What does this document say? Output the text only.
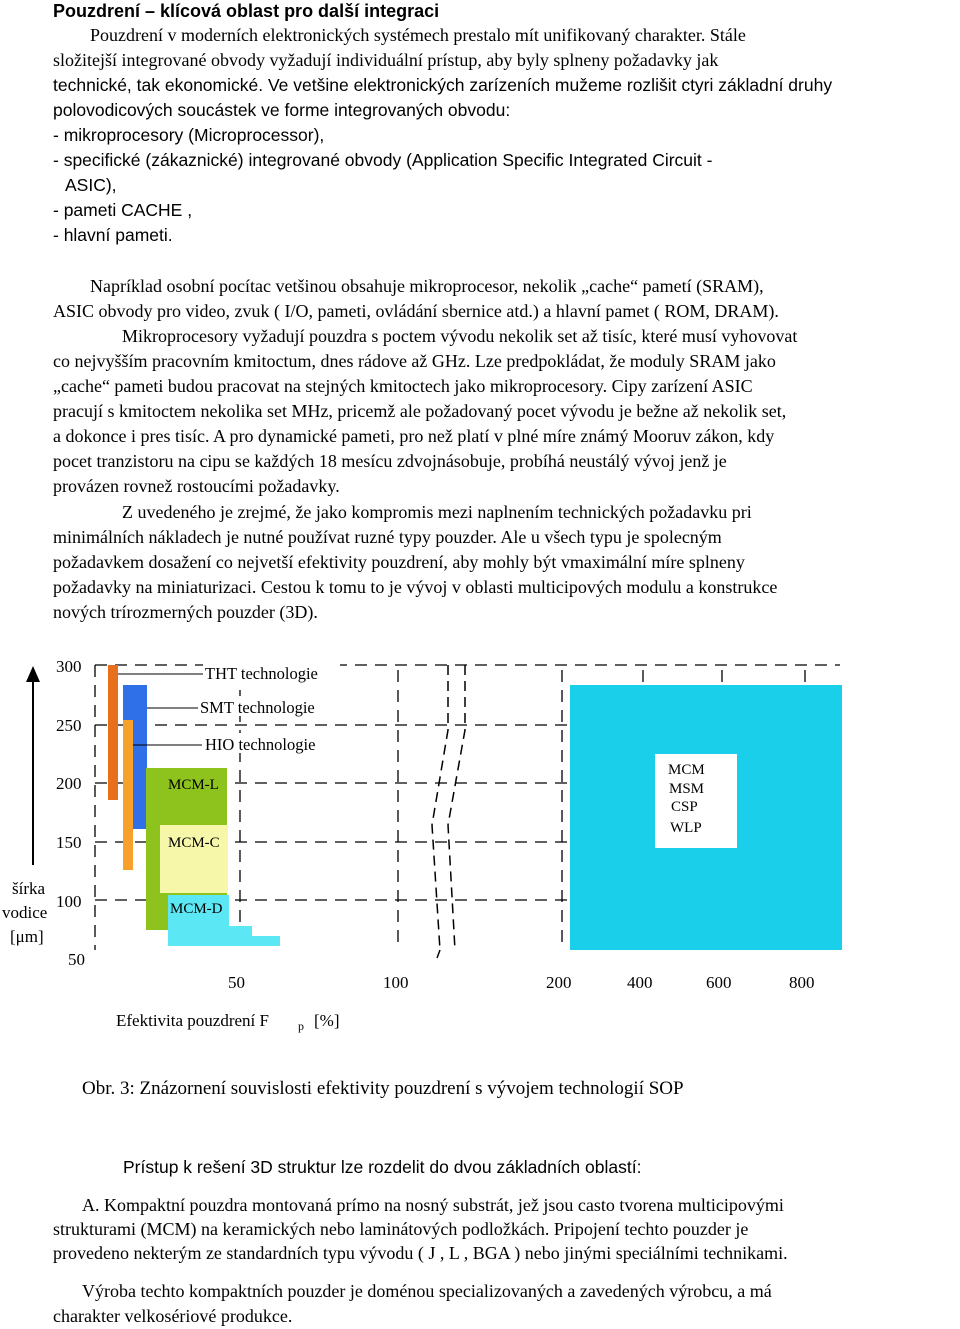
Pouzdrení – klícová oblast pro další integraci

Pouzdrení v moderních elektronických systémech prestalo mít unifikovaný charakter. Stále
složitejší integrované obvody vyžadují individuální prístup, aby byly splneny požadavky jak
technické, tak ekonomické. Ve vetšine elektronických zarízeních mužeme rozlišit ctyri základní druhy
polovodicových soucástek ve forme integrovaných obvodu:
- mikroprocesory (Microprocessor),
- specifické (zákaznické) integrované obvody (Application Specific Integrated Circuit -
ASIC),
- pameti CACHE ,
- hlavní pameti.
Napríklad osobní pocítac vetšinou obsahuje mikroprocesor, nekolik „cache“ pametí (SRAM),
ASIC obvody pro video, zvuk ( I/O, pameti, ovládání sbernice atd.) a hlavní pamet ( ROM, DRAM).
Mikroprocesory vyžadují pouzdra s poctem vývodu nekolik set až tisíc, které musí vyhovovat
co nejvyšším pracovním kmitoctum, dnes rádove až GHz. Lze predpokládat, že moduly SRAM jako
„cache“ pameti budou pracovat na stejných kmitoctech jako mikroprocesory. Cipy zarízení ASIC
pracují s kmitoctem nekolika set MHz, pricemž ale požadovaný pocet vývodu je bežne až nekolik set,
a dokonce i pres tisíc. A pro dynamické pameti, pro než platí v plné míre známý Mooruv zákon, kdy
pocet tranzistoru na cipu se každých 18 mesícu zdvojnásobuje, probíhá neustálý vývoj jenž je
provázen rovnež rostoucími požadavky.
Z uvedeného je zrejmé, že jako kompromis mezi naplnením technických požadavku pri
minimálních nákladech je nutné používat ruzné typy pouzder. Ale u všech typu je spolecným
požadavkem dosažení co nejvetší efektivity pouzdrení, aby mohly být vmaximální míre splneny
požadavky na miniaturizaci. Cestou k tomu to je vývoj v oblasti multicipových modulu a konstrukce
nových trírozmerných pouzder (3D).
šírka
vodice
[μm]
300
250
200
150
100
50
THT technologie
SMT technologie
HIO technologie
MCM-L
MCM-C
MCM-D
MCM
MSM
CSP
WLP
50	100	200	400	600	800
Efektivita pouzdrení F p [%]

Obr. 3: Znázornení souvislosti efektivity pouzdrení s vývojem technologií SOP

Prístup k rešení 3D struktur lze rozdelit do dvou základních oblastí:
A. Kompaktní pouzdra montovaná prímo na nosný substrát, jež jsou casto tvorena multicipovými
strukturami (MCM) na keramických nebo laminátových podložkách. Pripojení techto pouzder je
provedeno nekterým ze standardních typu vývodu ( J , L , BGA ) nebo jinými speciálními technikami.
Výroba techto kompaktních pouzder je doménou specializovaných a zavedených výrobcu, a má
charakter velkosériové produkce.
